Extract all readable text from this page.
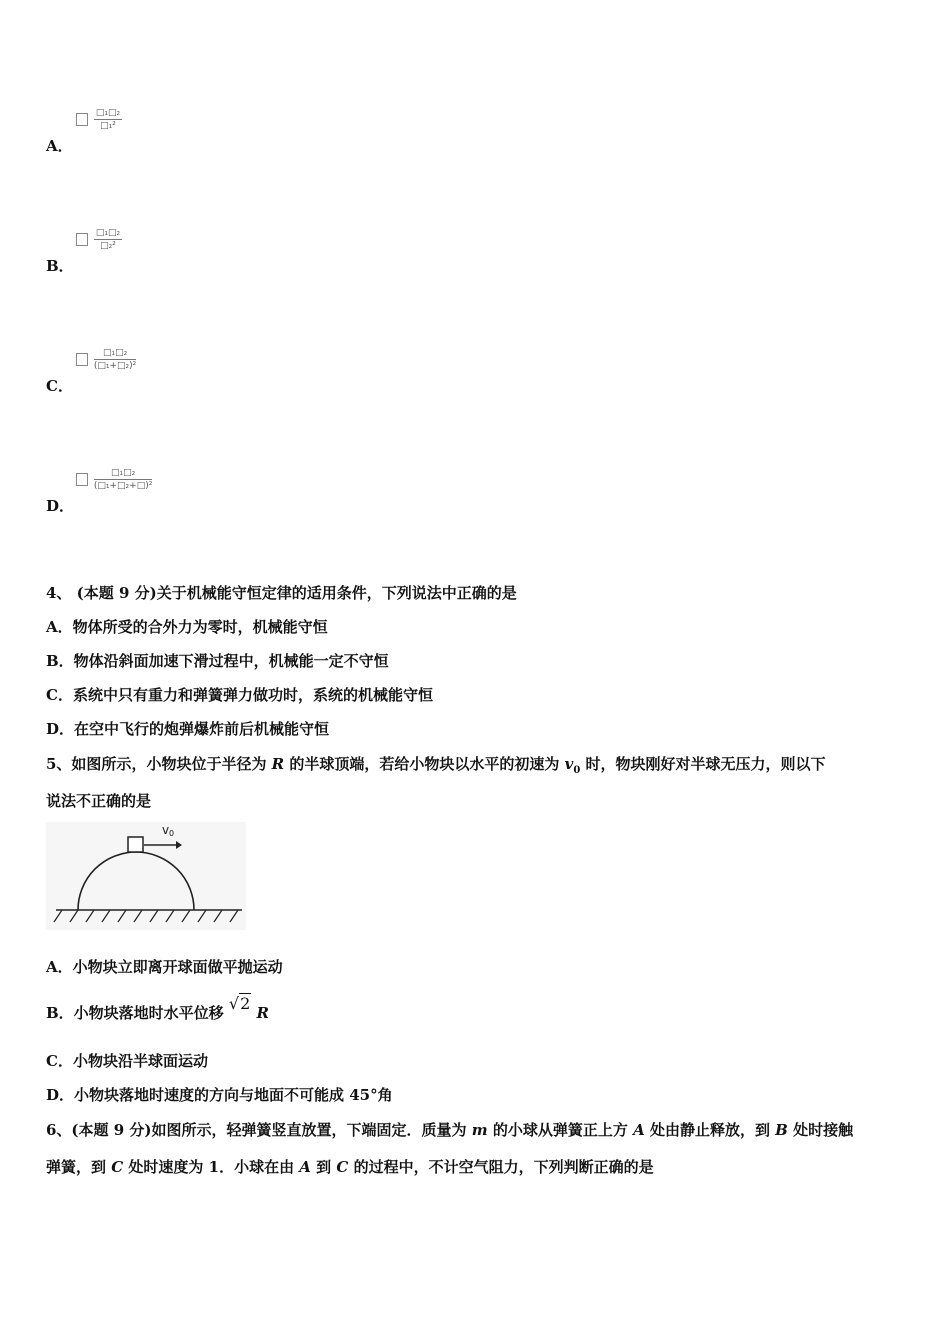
$\frac{\text{□₁□₂}}{\text{□₁²}}$
A．

$\frac{\text{□₁□₂}}{\text{□₂²}}$
B．

$\frac{\text{□₁□₂}}{\text{(□₁+□₂)²}}$
C．

$\frac{\text{□₁□₂}}{\text{(□₁+□₂+□)²}}$
D．
4、 (本题 9 分)关于机械能守恒定律的适用条件，下列说法中正确的是
A．物体所受的合外力为零时，机械能守恒
B．物体沿斜面加速下滑过程中，机械能一定不守恒
C．系统中只有重力和弹簧弹力做功时，系统的机械能守恒
D．在空中飞行的炮弹爆炸前后机械能守恒
5、如图所示，小物块位于半径为 R 的半球顶端，若给小物块以水平的初速为 $v_0$ 时，物块刚好对半球无压力，则以下
说法不正确的是
v 0
A．小物块立即离开球面做平抛运动
B．小物块落地时水平位移 √2 R
C．小物块沿半球面运动
D．小物块落地时速度的方向与地面不可能成 45°角
6、(本题 9 分)如图所示，轻弹簧竖直放置，下端固定．质量为 m 的小球从弹簧正上方 A 处由静止释放，到 B 处时接触
弹簧，到 C 处时速度为 1．小球在由 A 到 C 的过程中，不计空气阻力，下列判断正确的是
